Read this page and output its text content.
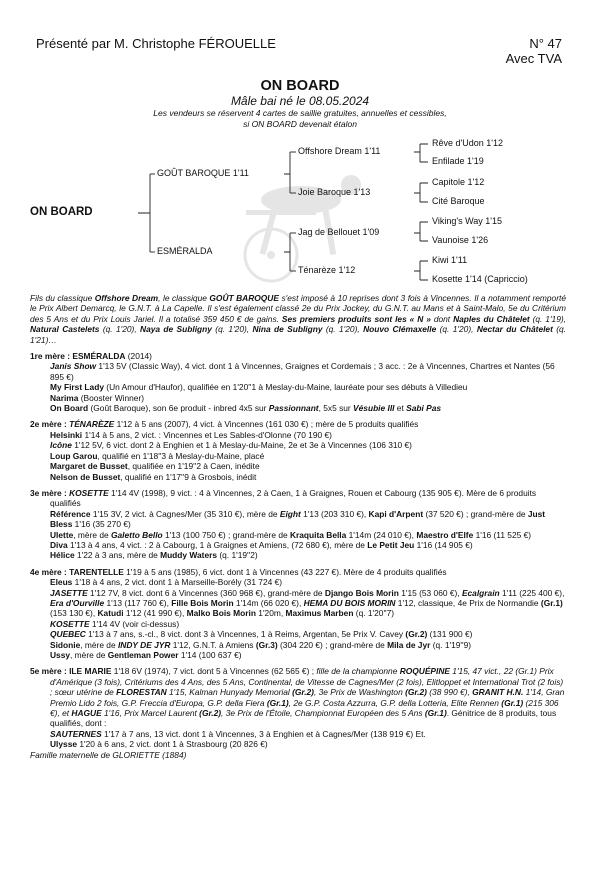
Présenté par M. Christophe FÉROUELLE	N° 47
Avec TVA
ON BOARD
Mâle bai né le 08.05.2024
Les vendeurs se réservent 4 cartes de saillie gratuites, annuelles et cessibles,
si ON BOARD devenait étalon
ON BOARD
GOÛT BAROQUE 1'11
ESMÉRALDA
Offshore Dream 1'11
Joie Baroque 1'13
Jag de Bellouet 1'09
Ténarèze 1'12
Rêve d'Udon 1'12
Enfilade 1'19
Capitole 1'12
Cité Baroque
Viking's Way 1'15
Vaunoise 1'26
Kiwi 1'11
Kosette 1'14 (Capriccio)

Fils du classique Offshore Dream, le classique GOÛT BAROQUE s'est imposé à 10 reprises dont 3 fois à Vincennes. Il a notamment remporté le Prix Albert Demarcq, le G.N.T. à La Capelle. Il s'est également classé 2e du Prix Jockey, du G.N.T. au Mans et à Saint-Malo, 5e du Critérium des 5 Ans et du Prix Louis Jariel. Il a totalisé 359 450 € de gains. Ses premiers produits sont les « N » dont Naples du Châtelet (q. 1'19), Natural Castelets (q. 1'20), Naya de Subligny (q. 1'20), Nina de Subligny (q. 1'20), Nouvo Clémaxelle (q. 1'20), Nectar du Châtelet (q. 1'21)…

1re mère : ESMÉRALDA (2014)

Janis Show 1'13 5V (Classic Way), 4 vict. dont 1 à Vincennes, Graignes et Cordemais ; 3 acc. : 2e à Vincennes, Chartres et Nantes (56 895 €)

My First Lady (Un Amour d'Haufor), qualifiée en 1'20''1 à Meslay-du-Maine, lauréate pour ses débuts à Villedieu

Narima (Booster Winner)

On Board (Goût Baroque), son 6e produit - inbred 4x5 sur Passionnant, 5x5 sur Vésubie III et Sabi Pas

2e mère : TÉNARÈZE 1'12 à 5 ans (2007), 4 vict. à Vincennes (161 030 €) ; mère de 5 produits qualifiés

Helsinki 1'14 à 5 ans, 2 vict. : Vincennes et Les Sables-d'Olonne (70 190 €)

Icône 1'12 5V, 6 vict. dont 2 à Enghien et 1 à Meslay-du-Maine, 2e et 3e à Vincennes (106 310 €)

Loup Garou, qualifié en 1'18''3 à Meslay-du-Maine, placé

Margaret de Busset, qualifiée en 1'19''2 à Caen, inédite

Nelson de Busset, qualifié en 1'17''9 à Grosbois, inédit

3e mère : KOSETTE 1'14 4V (1998), 9 vict. : 4 à Vincennes, 2 à Caen, 1 à Graignes, Rouen et Cabourg (135 905 €). Mère de 6 produits qualifiés

Référence 1'15 3V, 2 vict. à Cagnes/Mer (35 310 €), mère de Eight 1'13 (203 310 €), Kapi d'Arpent (37 520 €) ; grand-mère de Just Bless 1'16 (35 270 €)

Ulette, mère de Galetto Bello 1'13 (100 750 €) ; grand-mère de Kraquita Bella 1'14m (24 010 €), Maestro d'Elfe 1'16 (11 525 €)

Diva 1'13 à 4 ans, 4 vict. : 2 à Cabourg, 1 à Graignes et Amiens, (72 680 €), mère de Le Petit Jeu 1'16 (14 905 €)

Hélice 1'22 à 3 ans, mère de Muddy Waters (q. 1'19''2)

4e mère : TARENTELLE 1'19 à 5 ans (1985), 6 vict. dont 1 à Vincennes (43 227 €). Mère de 4 produits qualifiés

Eleus 1'18 à 4 ans, 2 vict. dont 1 à Marseille-Borély (31 724 €)

JASETTE 1'12 7V, 8 vict. dont 6 à Vincennes (360 968 €), grand-mère de Django Bois Morin 1'15 (53 060 €), Ecalgrain 1'11 (225 400 €), Era d'Ourville 1'13 (117 760 €), Fille Bois Morin 1'14m (66 020 €), HEMA DU BOIS MORIN 1'12, classique, 4e Prix de Normandie (Gr.1) (153 130 €), Katudi 1'12 (41 990 €), Malko Bois Morin 1'20m, Maximus Marben (q. 1'20''7)

KOSETTE 1'14 4V (voir ci-dessus)

QUEBEC 1'13 à 7 ans, s.-cl., 8 vict. dont 3 à Vincennes, 1 à Reims, Argentan, 5e Prix V. Cavey (Gr.2) (131 900 €)

Sidonie, mère de INDY DE JYR 1'12, G.N.T. à Amiens (Gr.3) (304 220 €) ; grand-mère de Mila de Jyr (q. 1'19''9)

Ussy, mère de Gentleman Power 1'14 (100 637 €)

5e mère : ILE MARIE 1'18 6V (1974), 7 vict. dont 5 à Vincennes (62 565 €) ; fille de la championne ROQUÉPINE 1'15, 47 vict., 22 (Gr.1) Prix d'Amérique (3 fois), Critériums des 4 Ans, des 5 Ans, Continental, de Vitesse de Cagnes/Mer (2 fois), Elitloppet et International Trot (2 fois) ; sœur utérine de FLORESTAN 1'15, Kalman Hunyady Memorial (Gr.2), 3e Prix de Washington (Gr.2) (38 990 €), GRANIT H.N. 1'14, Gran Premio Lido 2 fois, G.P. Freccia d'Europa, G.P. della Fiera (Gr.1), 2e G.P. Costa Azzurra, G.P. della Lotteria, Elite Rennen (Gr.1) (215 306 €), et HAGUE 1'16, Prix Marcel Laurent (Gr.2), 3e Prix de l'Étoile, Championnat Européen des 5 Ans (Gr.1). Génitrice de 8 produits, tous qualifiés, dont :

SAUTERNES 1'17 à 7 ans, 13 vict. dont 1 à Vincennes, 3 à Enghien et à Cagnes/Mer (138 919 €) Et.

Ulysse 1'20 à 6 ans, 2 vict. dont 1 à Strasbourg (20 826 €)

Famille maternelle de GLORIETTE (1884)
